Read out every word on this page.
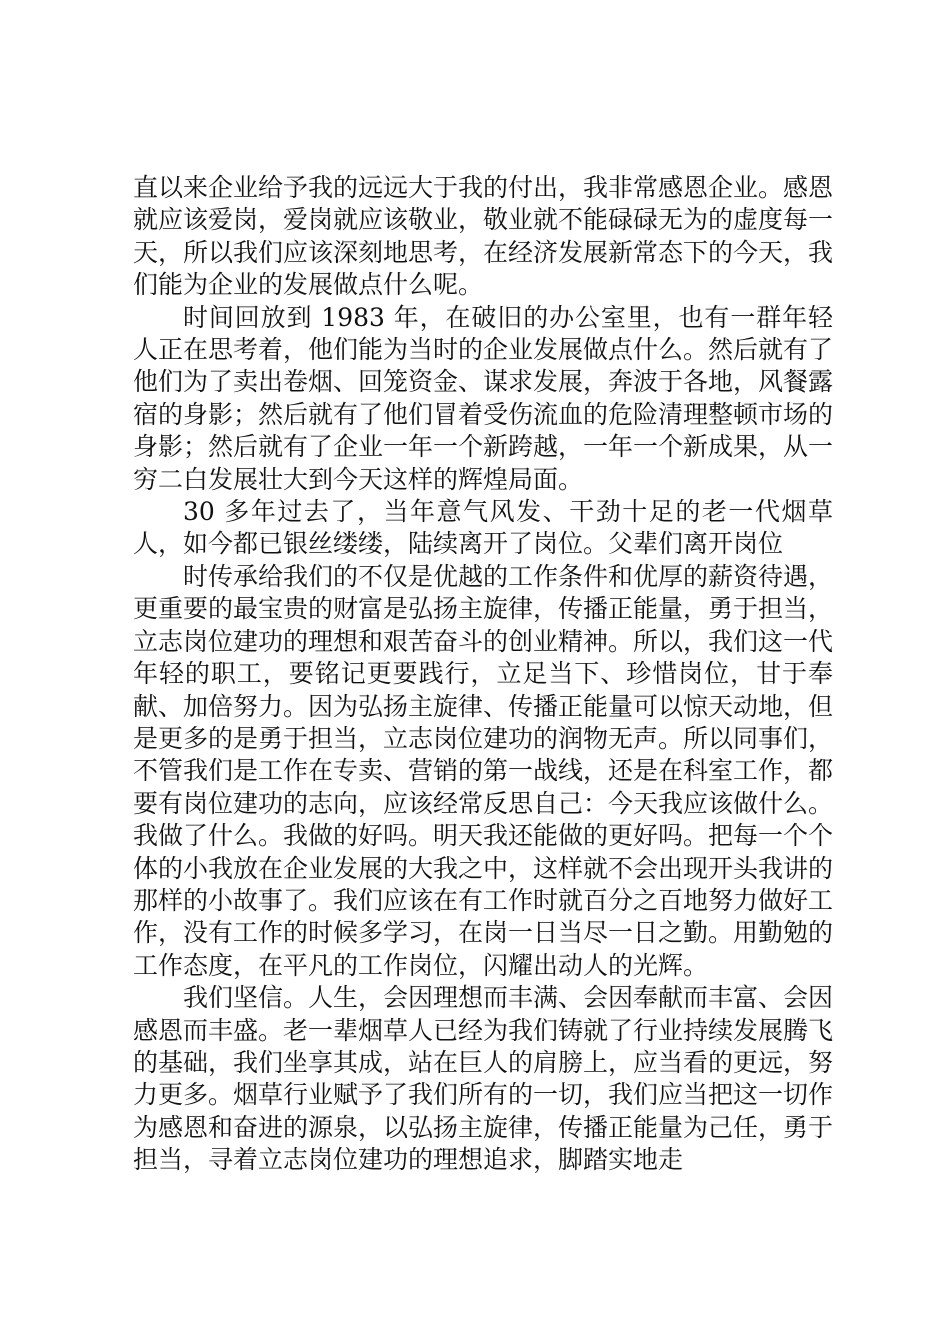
直以来企业给予我的远远大于我的付出，我非常感恩企业。感恩就应该爱岗，爱岗就应该敬业，敬业就不能碌碌无为的虚度每一天，所以我们应该深刻地思考，在经济发展新常态下的今天，我们能为企业的发展做点什么呢。

时间回放到 1983 年，在破旧的办公室里，也有一群年轻人正在思考着，他们能为当时的企业发展做点什么。然后就有了他们为了卖出卷烟、回笼资金、谋求发展，奔波于各地，风餐露宿的身影；然后就有了他们冒着受伤流血的危险清理整顿市场的身影；然后就有了企业一年一个新跨越，一年一个新成果，从一穷二白发展壮大到今天这样的辉煌局面。

30 多年过去了，当年意气风发、干劲十足的老一代烟草人，如今都已银丝缕缕，陆续离开了岗位。父辈们离开岗位

时传承给我们的不仅是优越的工作条件和优厚的薪资待遇，更重要的最宝贵的财富是弘扬主旋律，传播正能量，勇于担当，立志岗位建功的理想和艰苦奋斗的创业精神。所以，我们这一代年轻的职工，要铭记更要践行，立足当下、珍惜岗位，甘于奉献、加倍努力。因为弘扬主旋律、传播正能量可以惊天动地，但是更多的是勇于担当，立志岗位建功的润物无声。所以同事们，不管我们是工作在专卖、营销的第一战线，还是在科室工作，都要有岗位建功的志向，应该经常反思自己：今天我应该做什么。我做了什么。我做的好吗。明天我还能做的更好吗。把每一个个体的小我放在企业发展的大我之中，这样就不会出现开头我讲的那样的小故事了。我们应该在有工作时就百分之百地努力做好工作，没有工作的时候多学习，在岗一日当尽一日之勤。用勤勉的工作态度，在平凡的工作岗位，闪耀出动人的光辉。

我们坚信。人生，会因理想而丰满、会因奉献而丰富、会因感恩而丰盛。老一辈烟草人已经为我们铸就了行业持续发展腾飞的基础，我们坐享其成，站在巨人的肩膀上，应当看的更远，努力更多。烟草行业赋予了我们所有的一切，我们应当把这一切作为感恩和奋进的源泉，以弘扬主旋律，传播正能量为己任，勇于担当，寻着立志岗位建功的理想追求，脚踏实地走
